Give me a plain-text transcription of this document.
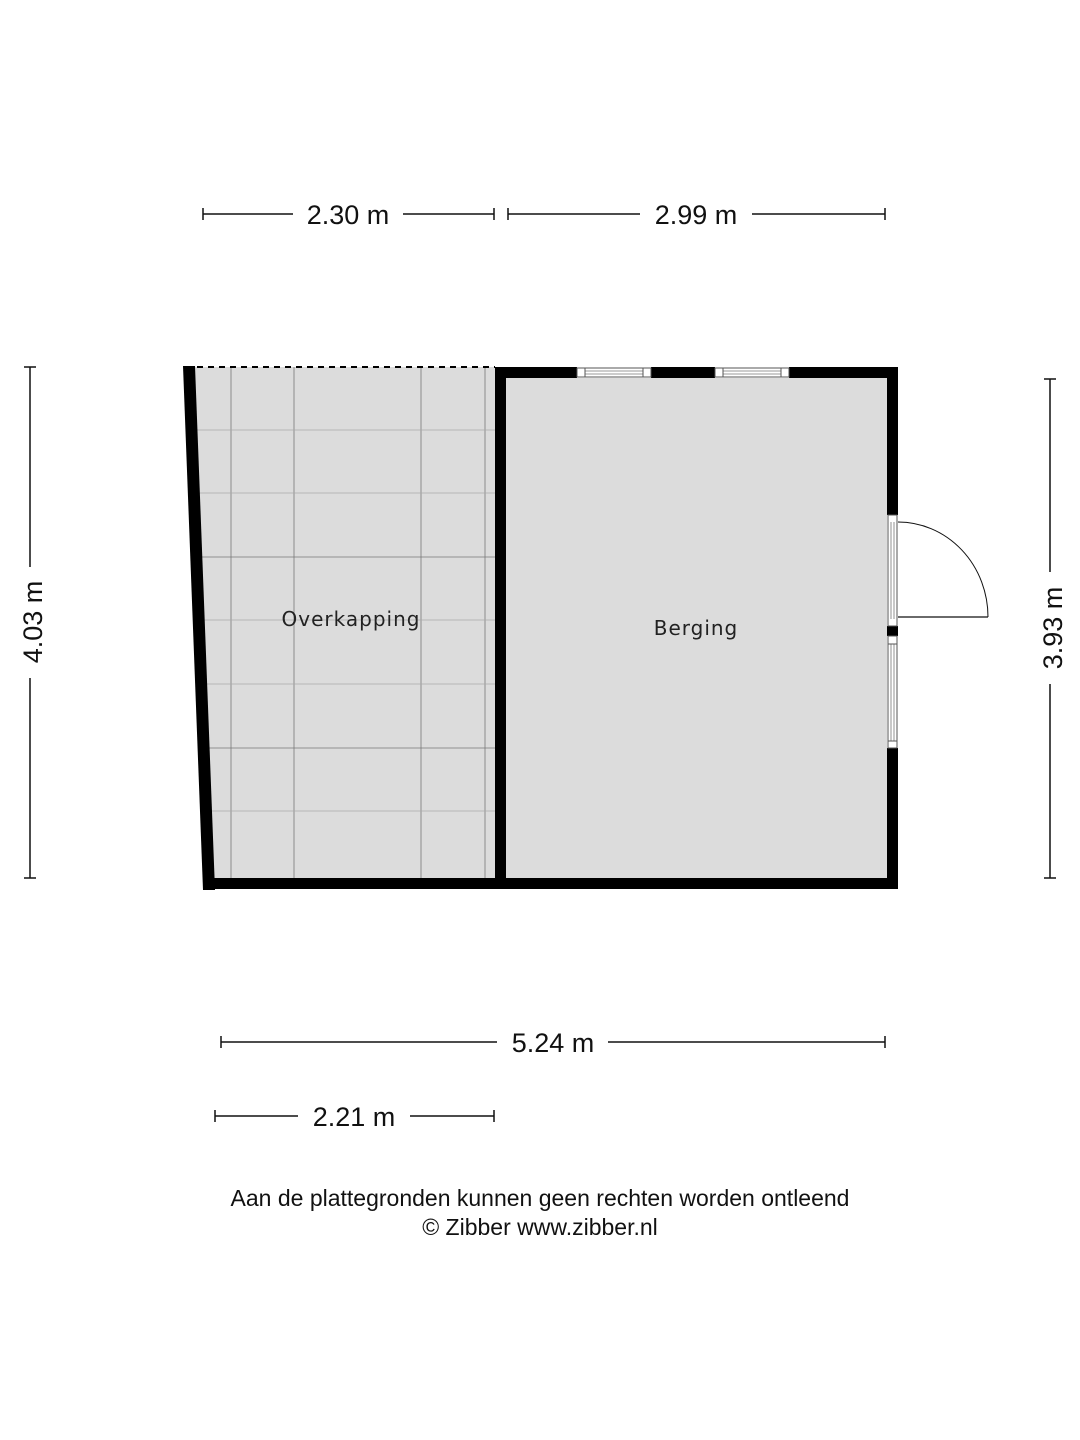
2.30 m	2.99 m
4.03 m	3.93 m
Overkapping	Berging
5.24 m
2.21 m
Aan de plattegronden kunnen geen rechten worden ontleend
© Zibber www.zibber.nl
